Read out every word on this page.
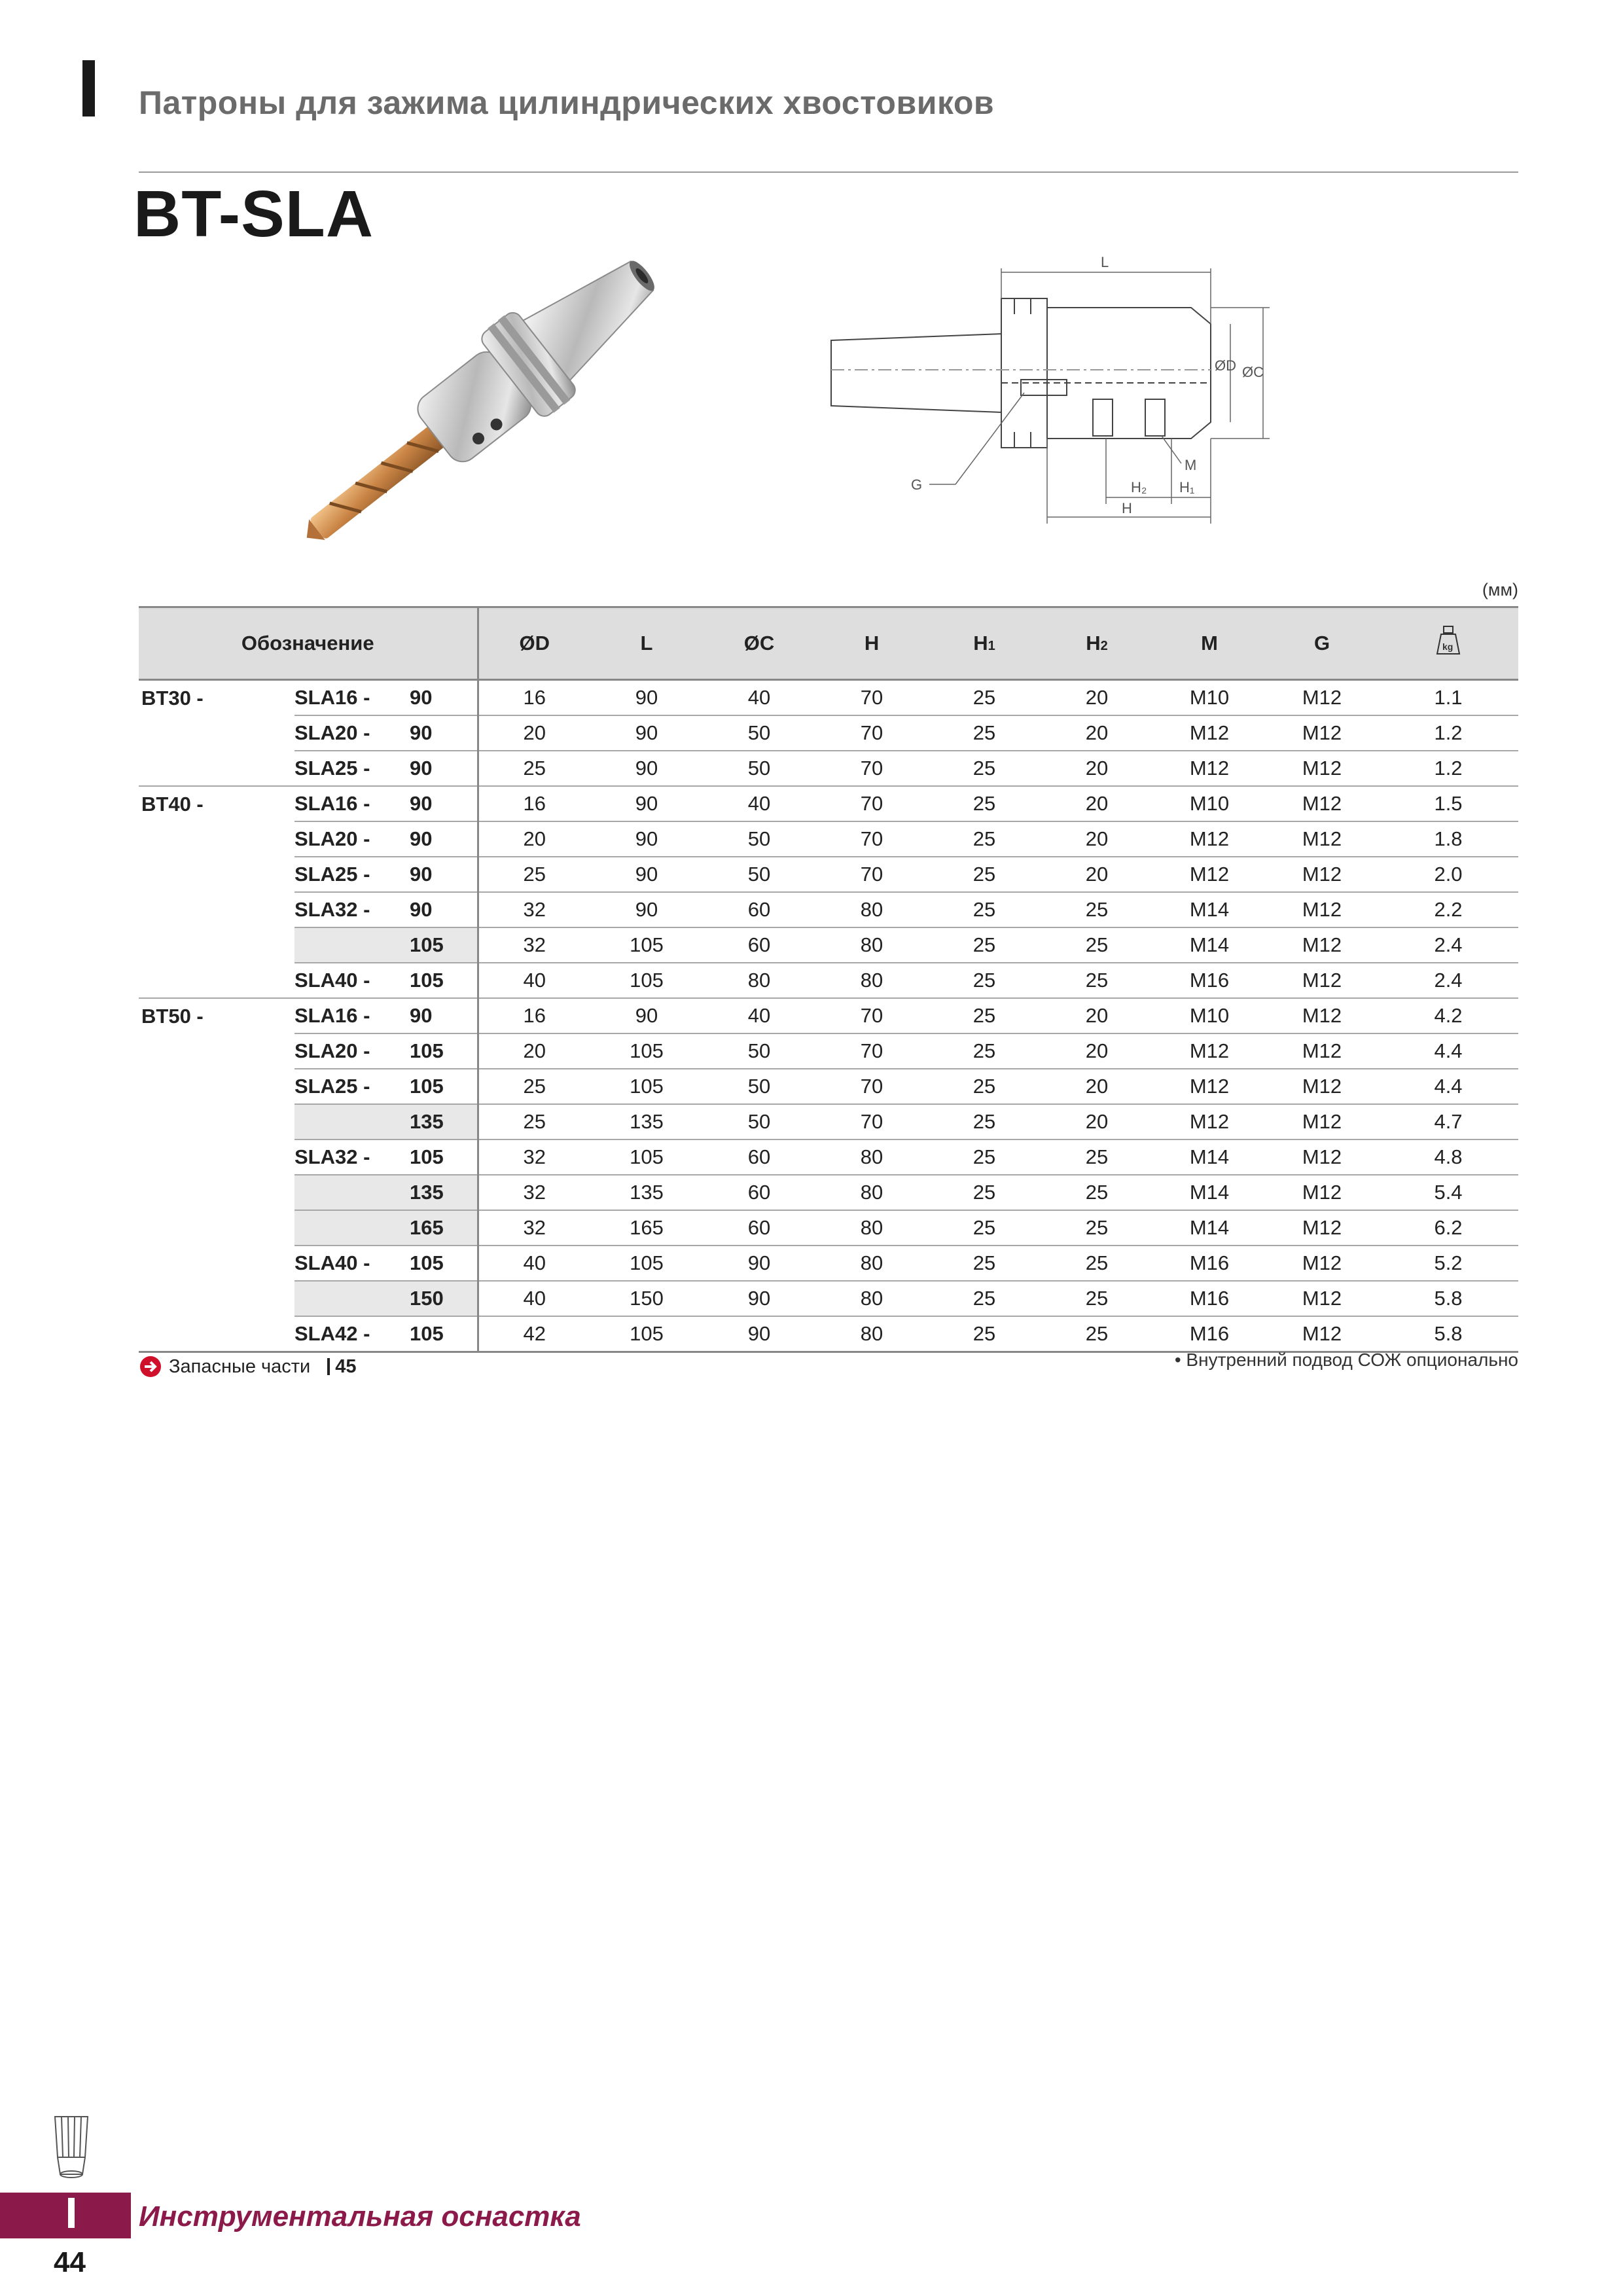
Патроны для зажима цилиндрических хвостовиков
BT-SLA
L
ØD ØC
G
M
H₂ H₁
H
(мм)
Обозначение			ØD	L	ØC	H	H1	H2	M	G	kg

BT30 -	SLA16 -	90	16	90	40	70	25	20	M10	M12	1.1
	SLA20 -	90	20	90	50	70	25	20	M12	M12	1.2
	SLA25 -	90	25	90	50	70	25	20	M12	M12	1.2
BT40 -	SLA16 -	90	16	90	40	70	25	20	M10	M12	1.5
	SLA20 -	90	20	90	50	70	25	20	M12	M12	1.8
	SLA25 -	90	25	90	50	70	25	20	M12	M12	2.0
	SLA32 -	90	32	90	60	80	25	25	M14	M12	2.2
		105	32	105	60	80	25	25	M14	M12	2.4
	SLA40 -	105	40	105	80	80	25	25	M16	M12	2.4
BT50 -	SLA16 -	90	16	90	40	70	25	20	M10	M12	4.2
	SLA20 -	105	20	105	50	70	25	20	M12	M12	4.4
	SLA25 -	105	25	105	50	70	25	20	M12	M12	4.4
		135	25	135	50	70	25	20	M12	M12	4.7
	SLA32 -	105	32	105	60	80	25	25	M14	M12	4.8
		135	32	135	60	80	25	25	M14	M12	5.4
		165	32	165	60	80	25	25	M14	M12	6.2
	SLA40 -	105	40	105	90	80	25	25	M16	M12	5.2
		150	40	150	90	80	25	25	M16	M12	5.8
	SLA42 -	105	42	105	90	80	25	25	M16	M12	5.8
Запасные части	45	• Внутренний подвод СОЖ опционально
Инструментальная оснастка
44
